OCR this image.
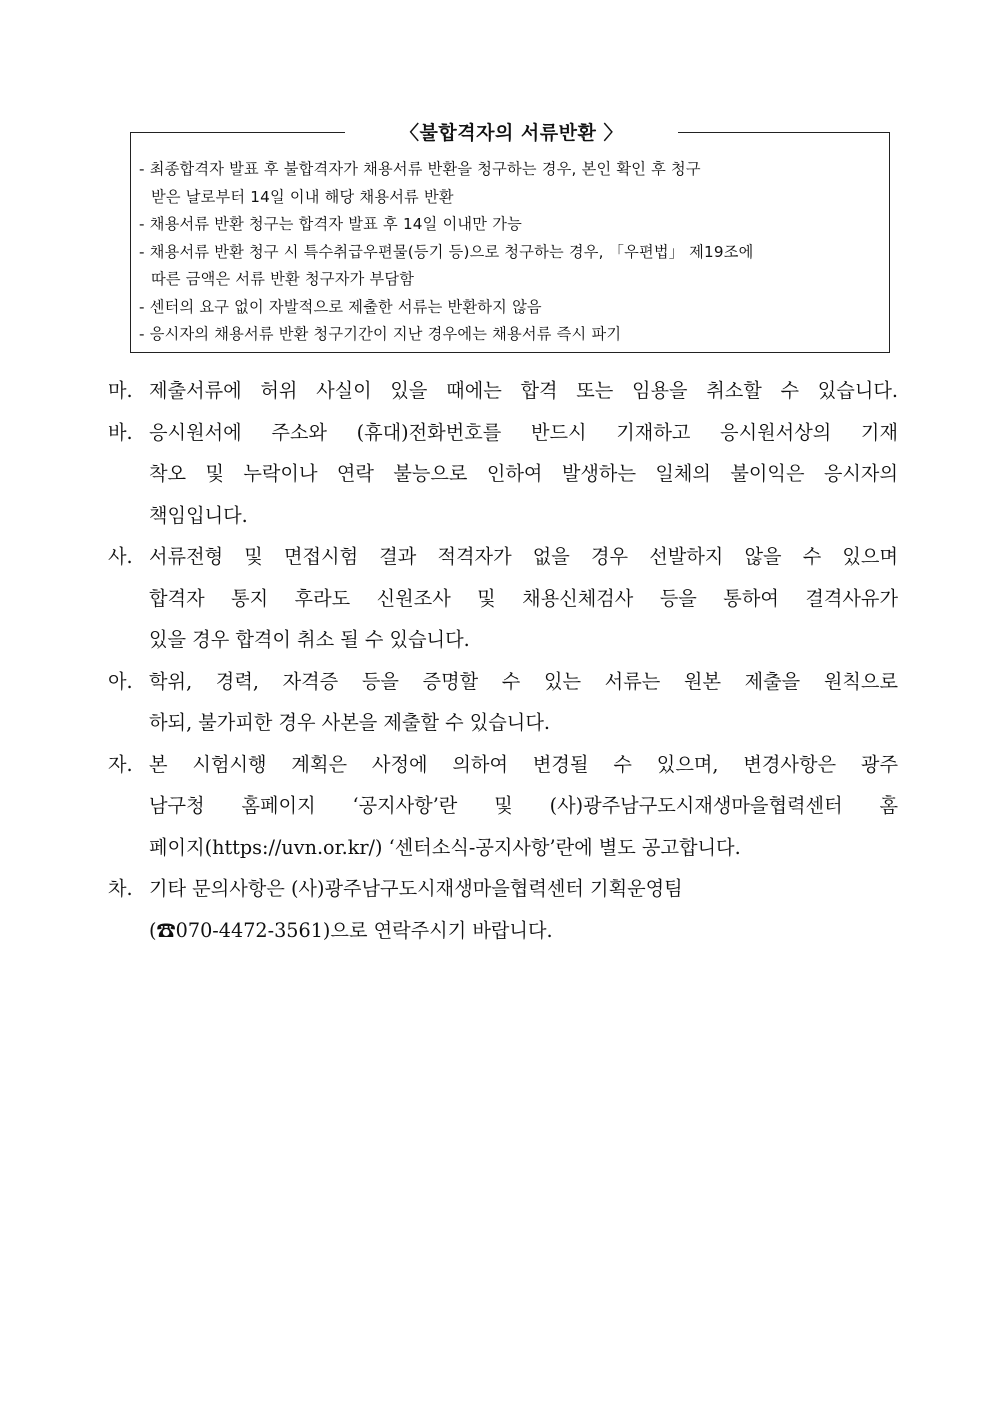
〈불합격자의 서류반환 〉
- 최종합격자 발표 후 불합격자가 채용서류 반환을 청구하는 경우, 본인 확인 후 청구
받은 날로부터 14일 이내 해당 채용서류 반환
- 채용서류 반환 청구는 합격자 발표 후 14일 이내만 가능
- 채용서류 반환 청구 시 특수취급우편물(등기 등)으로 청구하는 경우, 「우편법」 제19조에
따른 금액은 서류 반환 청구자가 부담함
- 센터의 요구 없이 자발적으로 제출한 서류는 반환하지 않음
- 응시자의 채용서류 반환 청구기간이 지난 경우에는 채용서류 즉시 파기
마. 제출서류에 허위 사실이 있을 때에는 합격 또는 임용을 취소할 수 있습니다.
바. 응시원서에 주소와 (휴대)전화번호를 반드시 기재하고 응시원서상의 기재
착오 및 누락이나 연락 불능으로 인하여 발생하는 일체의 불이익은 응시자의
책임입니다.
사. 서류전형 및 면접시험 결과 적격자가 없을 경우 선발하지 않을 수 있으며
합격자 통지 후라도 신원조사 및 채용신체검사 등을 통하여 결격사유가
있을 경우 합격이 취소 될 수 있습니다.
아. 학위, 경력, 자격증 등을 증명할 수 있는 서류는 원본 제출을 원칙으로
하되, 불가피한 경우 사본을 제출할 수 있습니다.
자. 본 시험시행 계획은 사정에 의하여 변경될 수 있으며, 변경사항은 광주
남구청 홈페이지 ‘공지사항’란 및 (사)광주남구도시재생마을협력센터 홈
페이지(https://uvn.or.kr/) ‘센터소식-공지사항’란에 별도 공고합니다.
차. 기타 문의사항은 (사)광주남구도시재생마을협력센터 기획운영팀
(☎070-4472-3561)으로 연락주시기 바랍니다.
